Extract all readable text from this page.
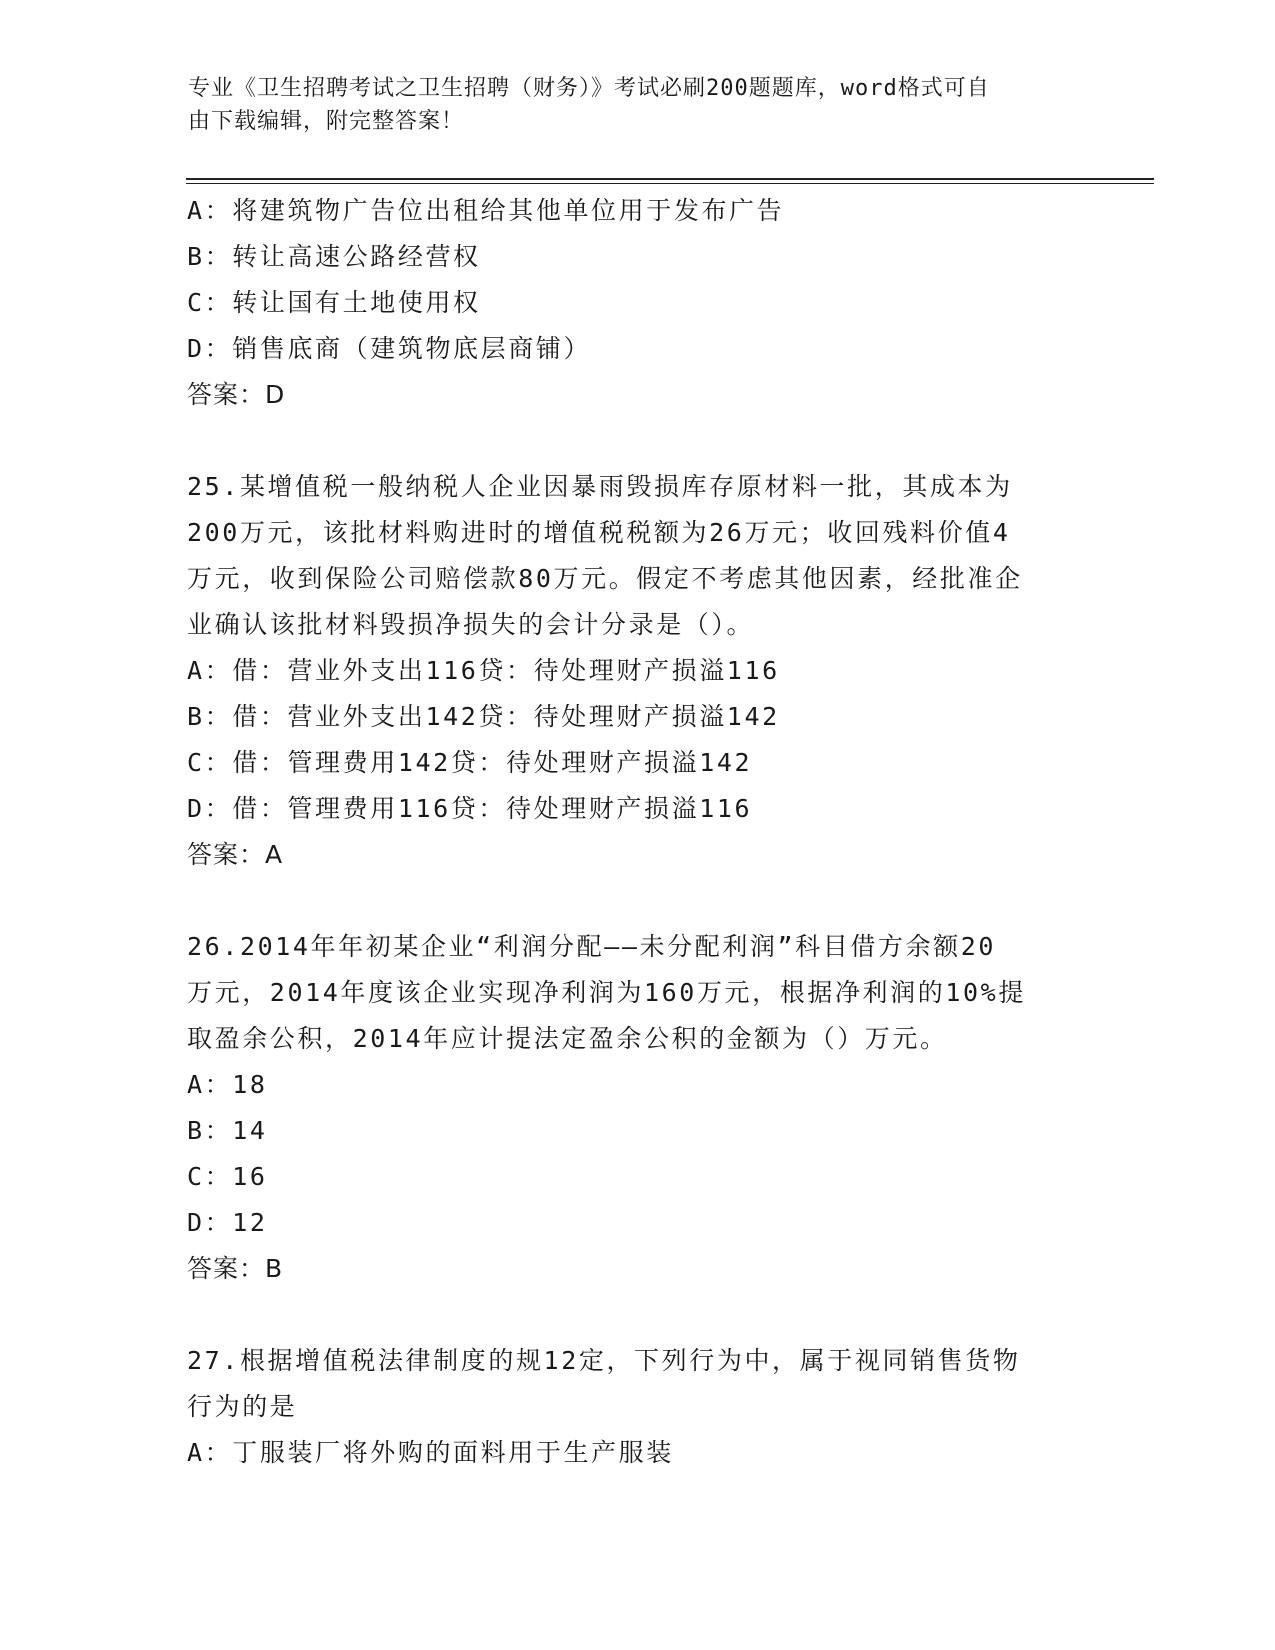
专业《卫生招聘考试之卫生招聘（财务）》考试必刷200题题库，word格式可自
由下载编辑，附完整答案！
A：将建筑物广告位出租给其他单位用于发布广告
B：转让高速公路经营权
C：转让国有土地使用权
D：销售底商（建筑物底层商铺）
答案：D
25.某增值税一般纳税人企业因暴雨毁损库存原材料一批，其成本为
200万元，该批材料购进时的增值税税额为26万元；收回残料价值4
万元，收到保险公司赔偿款80万元。假定不考虑其他因素，经批准企
业确认该批材料毁损净损失的会计分录是（）。
A：借：营业外支出116贷：待处理财产损溢116
B：借：营业外支出142贷：待处理财产损溢142
C：借：管理费用142贷：待处理财产损溢142
D：借：管理费用116贷：待处理财产损溢116
答案：A
26.2014年年初某企业“利润分配——未分配利润”科目借方余额20
万元，2014年度该企业实现净利润为160万元，根据净利润的10%提
取盈余公积，2014年应计提法定盈余公积的金额为（）万元。
A：18
B：14
C：16
D：12
答案：B
27.根据增值税法律制度的规12定，下列行为中，属于视同销售货物
行为的是
A：丁服装厂将外购的面料用于生产服装
